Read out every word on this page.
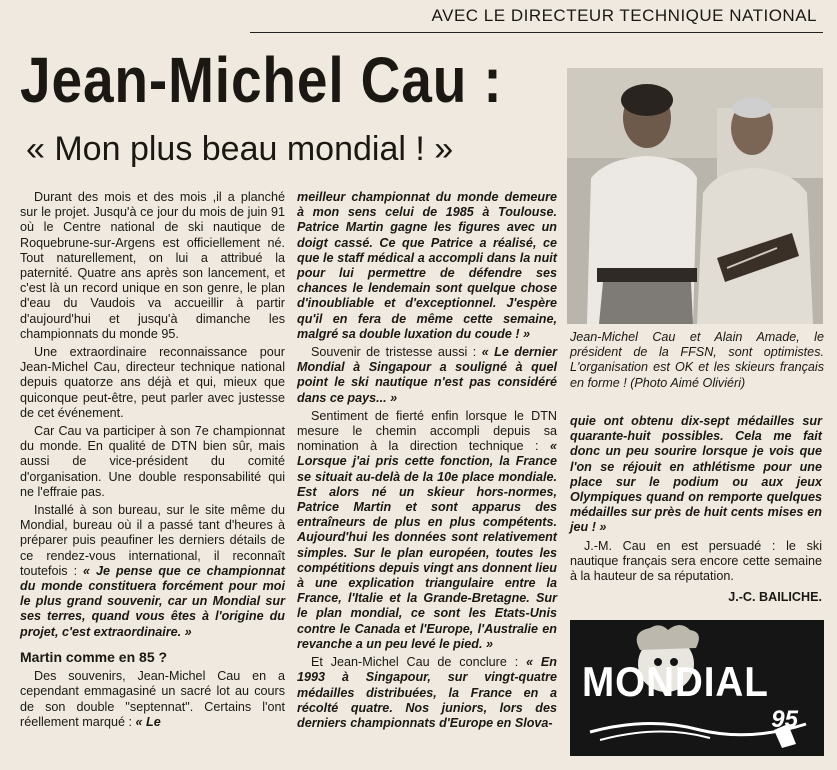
AVEC LE DIRECTEUR TECHNIQUE NATIONAL
Jean-Michel Cau :
« Mon plus beau mondial ! »

Durant des mois et des mois ,il a planché sur le projet. Jusqu'à ce jour du mois de juin 91 où le Centre national de ski nautique de Roquebrune-sur-Argens est officiellement né. Tout naturellement, on lui a attribué la paternité. Quatre ans après son lancement, et c'est là un record unique en son genre, le plan d'eau du Vaudois va accueillir à partir d'aujourd'hui et jusqu'à dimanche les championnats du monde 95.

Une extraordinaire reconnaissance pour Jean-Michel Cau, directeur technique national depuis quatorze ans déjà et qui, mieux que quiconque peut-être, peut parler avec justesse de cet événement.

Car Cau va participer à son 7e championnat du monde. En qualité de DTN bien sûr, mais aussi de vice-président du comité d'organisation. Une double responsabilité qui ne l'effraie pas.

Installé à son bureau, sur le site même du Mondial, bureau où il a passé tant d'heures à préparer puis peaufiner les derniers détails de ce rendez-vous international, il reconnaît toutefois : « Je pense que ce championnat du monde constituera forcément pour moi le plus grand souvenir, car un Mondial sur ses terres, quand vous êtes à l'origine du projet, c'est extraordinaire. »

Martin comme en 85 ?

Des souvenirs, Jean-Michel Cau en a cependant emmagasiné un sacré lot au cours de son double "septennat". Certains l'ont réellement marqué : « Le

meilleur championnat du monde demeure à mon sens celui de 1985 à Toulouse. Patrice Martin gagne les figures avec un doigt cassé. Ce que Patrice a réalisé, ce que le staff médical a accompli dans la nuit pour lui permettre de défendre ses chances le lendemain sont quelque chose d'inoubliable et d'exceptionnel. J'espère qu'il en fera de même cette semaine, malgré sa double luxation du coude ! »

Souvenir de tristesse aussi : « Le dernier Mondial à Singapour a souligné à quel point le ski nautique n'est pas considéré dans ce pays... »

Sentiment de fierté enfin lorsque le DTN mesure le chemin accompli depuis sa nomination à la direction technique : « Lorsque j'ai pris cette fonction, la France se situait au-delà de la 10e place mondiale. Est alors né un skieur hors-normes, Patrice Martin et sont apparus des entraîneurs de plus en plus compétents. Aujourd'hui les données sont relativement simples. Sur le plan européen, toutes les compétitions depuis vingt ans donnent lieu à une explication triangulaire entre la France, l'Italie et la Grande-Bretagne. Sur le plan mondial, ce sont les Etats-Unis contre le Canada et l'Europe, l'Australie en revanche a un peu levé le pied. »

Et Jean-Michel Cau de conclure : « En 1993 à Singapour, sur vingt-quatre médailles distribuées, la France en a récolté quatre. Nos juniors, lors des derniers championnats d'Europe en Slova-

Jean-Michel Cau et Alain Amade, le président de la FFSN, sont optimistes. L'organisation est OK et les skieurs français en forme ! (Photo Aimé Oliviéri)

quie ont obtenu dix-sept médailles sur quarante-huit possibles. Cela me fait donc un peu sourire lorsque je vois que l'on se réjouit en athlétisme pour une place sur le podium ou aux jeux Olympiques quand on remporte quelques médailles sur près de huit cents mises en jeu ! »

J.-M. Cau en est persuadé : le ski nautique français sera encore cette semaine à la hauteur de sa réputation.

J.-C. BAILICHE.
MONDIAL
95
